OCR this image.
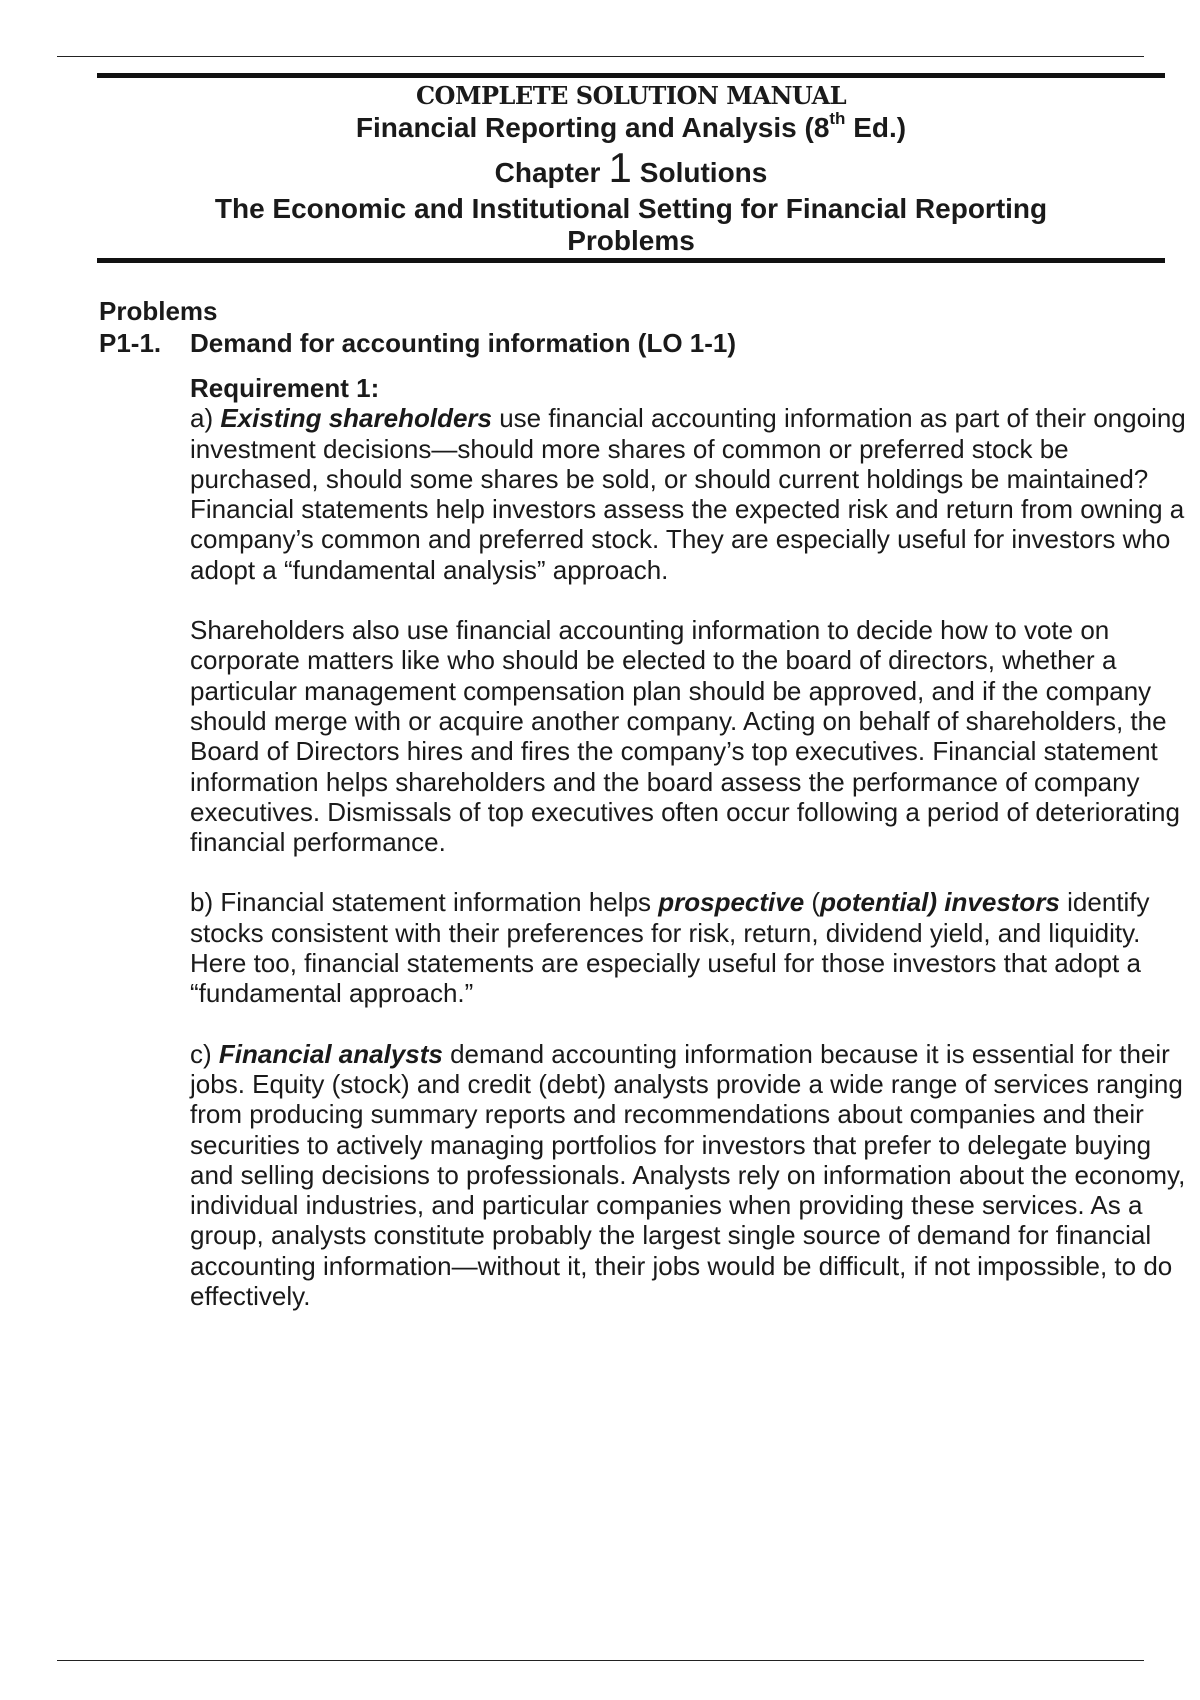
COMPLETE SOLUTION MANUAL
Financial Reporting and Analysis (8th Ed.)
Chapter 1 Solutions
The Economic and Institutional Setting for Financial Reporting
Problems

Problems

P1-1.	Demand for accounting information (LO 1-1)

Requirement 1:

a) Existing shareholders use financial accounting information as part of their ongoing investment decisions—should more shares of common or preferred stock be purchased, should some shares be sold, or should current holdings be maintained? Financial statements help investors assess the expected risk and return from owning a company’s common and preferred stock. They are especially useful for investors who adopt a “fundamental analysis” approach.

Shareholders also use financial accounting information to decide how to vote on corporate matters like who should be elected to the board of directors, whether a particular management compensation plan should be approved, and if the company should merge with or acquire another company. Acting on behalf of shareholders, the Board of Directors hires and fires the company’s top executives. Financial statement information helps shareholders and the board assess the performance of company executives. Dismissals of top executives often occur following a period of deteriorating financial performance.

b) Financial statement information helps prospective (potential) investors identify stocks consistent with their preferences for risk, return, dividend yield, and liquidity. Here too, financial statements are especially useful for those investors that adopt a “fundamental approach.”

c) Financial analysts demand accounting information because it is essential for their jobs. Equity (stock) and credit (debt) analysts provide a wide range of services ranging from producing summary reports and recommendations about companies and their securities to actively managing portfolios for investors that prefer to delegate buying and selling decisions to professionals. Analysts rely on information about the economy, individual industries, and particular companies when providing these services. As a group, analysts constitute probably the largest single source of demand for financial accounting information—without it, their jobs would be difficult, if not impossible, to do effectively.
